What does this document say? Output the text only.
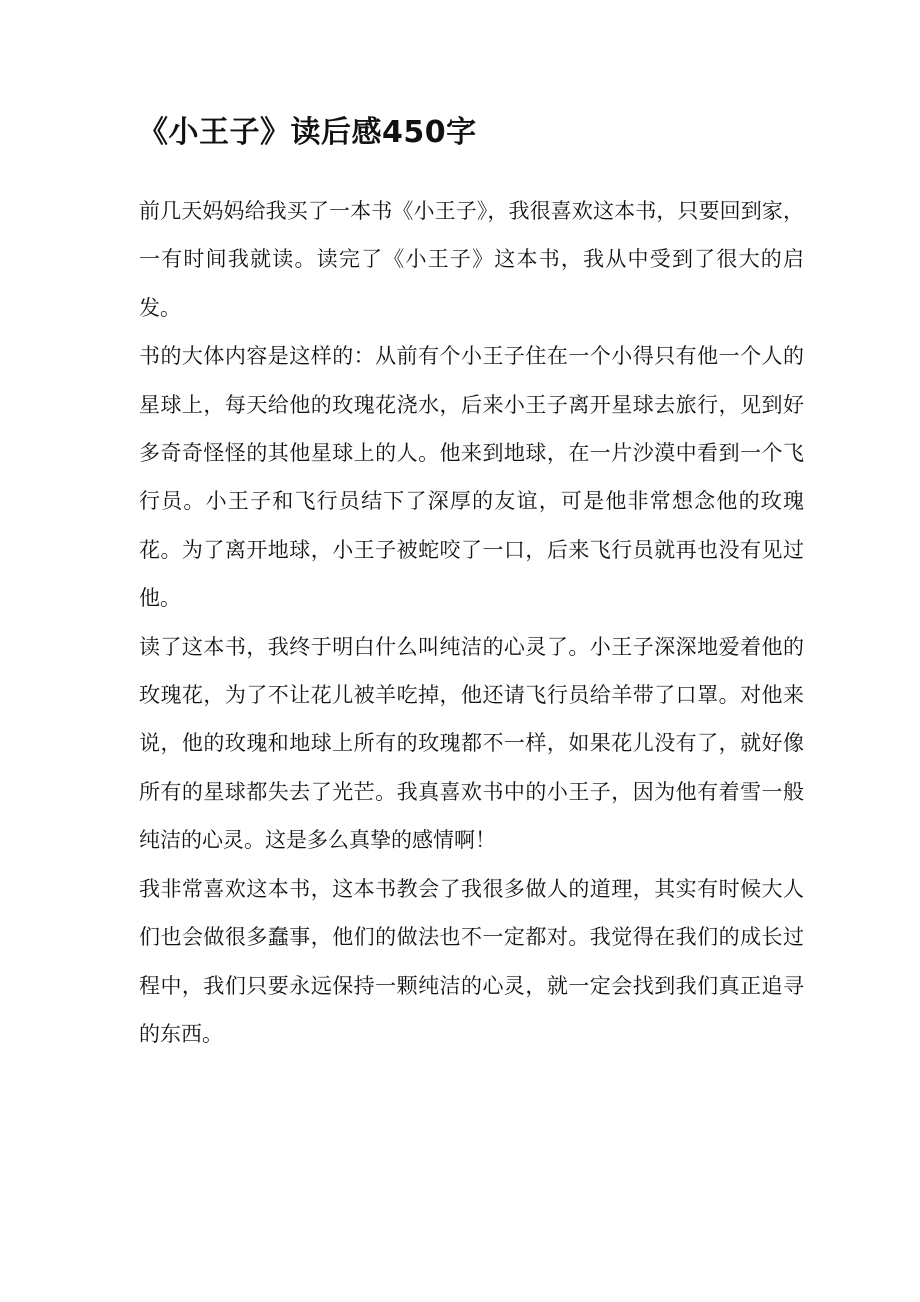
《小王子》读后感450字

前几天妈妈给我买了一本书《小王子》，我很喜欢这本书，只要回到家，一有时间我就读。读完了《小王子》这本书，我从中受到了很大的启发。

书的大体内容是这样的：从前有个小王子住在一个小得只有他一个人的星球上，每天给他的玫瑰花浇水，后来小王子离开星球去旅行，见到好多奇奇怪怪的其他星球上的人。他来到地球，在一片沙漠中看到一个飞行员。小王子和飞行员结下了深厚的友谊，可是他非常想念他的玫瑰花。为了离开地球，小王子被蛇咬了一口，后来飞行员就再也没有见过他。

读了这本书，我终于明白什么叫纯洁的心灵了。小王子深深地爱着他的玫瑰花，为了不让花儿被羊吃掉，他还请飞行员给羊带了口罩。对他来说，他的玫瑰和地球上所有的玫瑰都不一样，如果花儿没有了，就好像所有的星球都失去了光芒。我真喜欢书中的小王子，因为他有着雪一般纯洁的心灵。这是多么真挚的感情啊！

我非常喜欢这本书，这本书教会了我很多做人的道理，其实有时候大人们也会做很多蠢事，他们的做法也不一定都对。我觉得在我们的成长过程中，我们只要永远保持一颗纯洁的心灵，就一定会找到我们真正追寻的东西。
